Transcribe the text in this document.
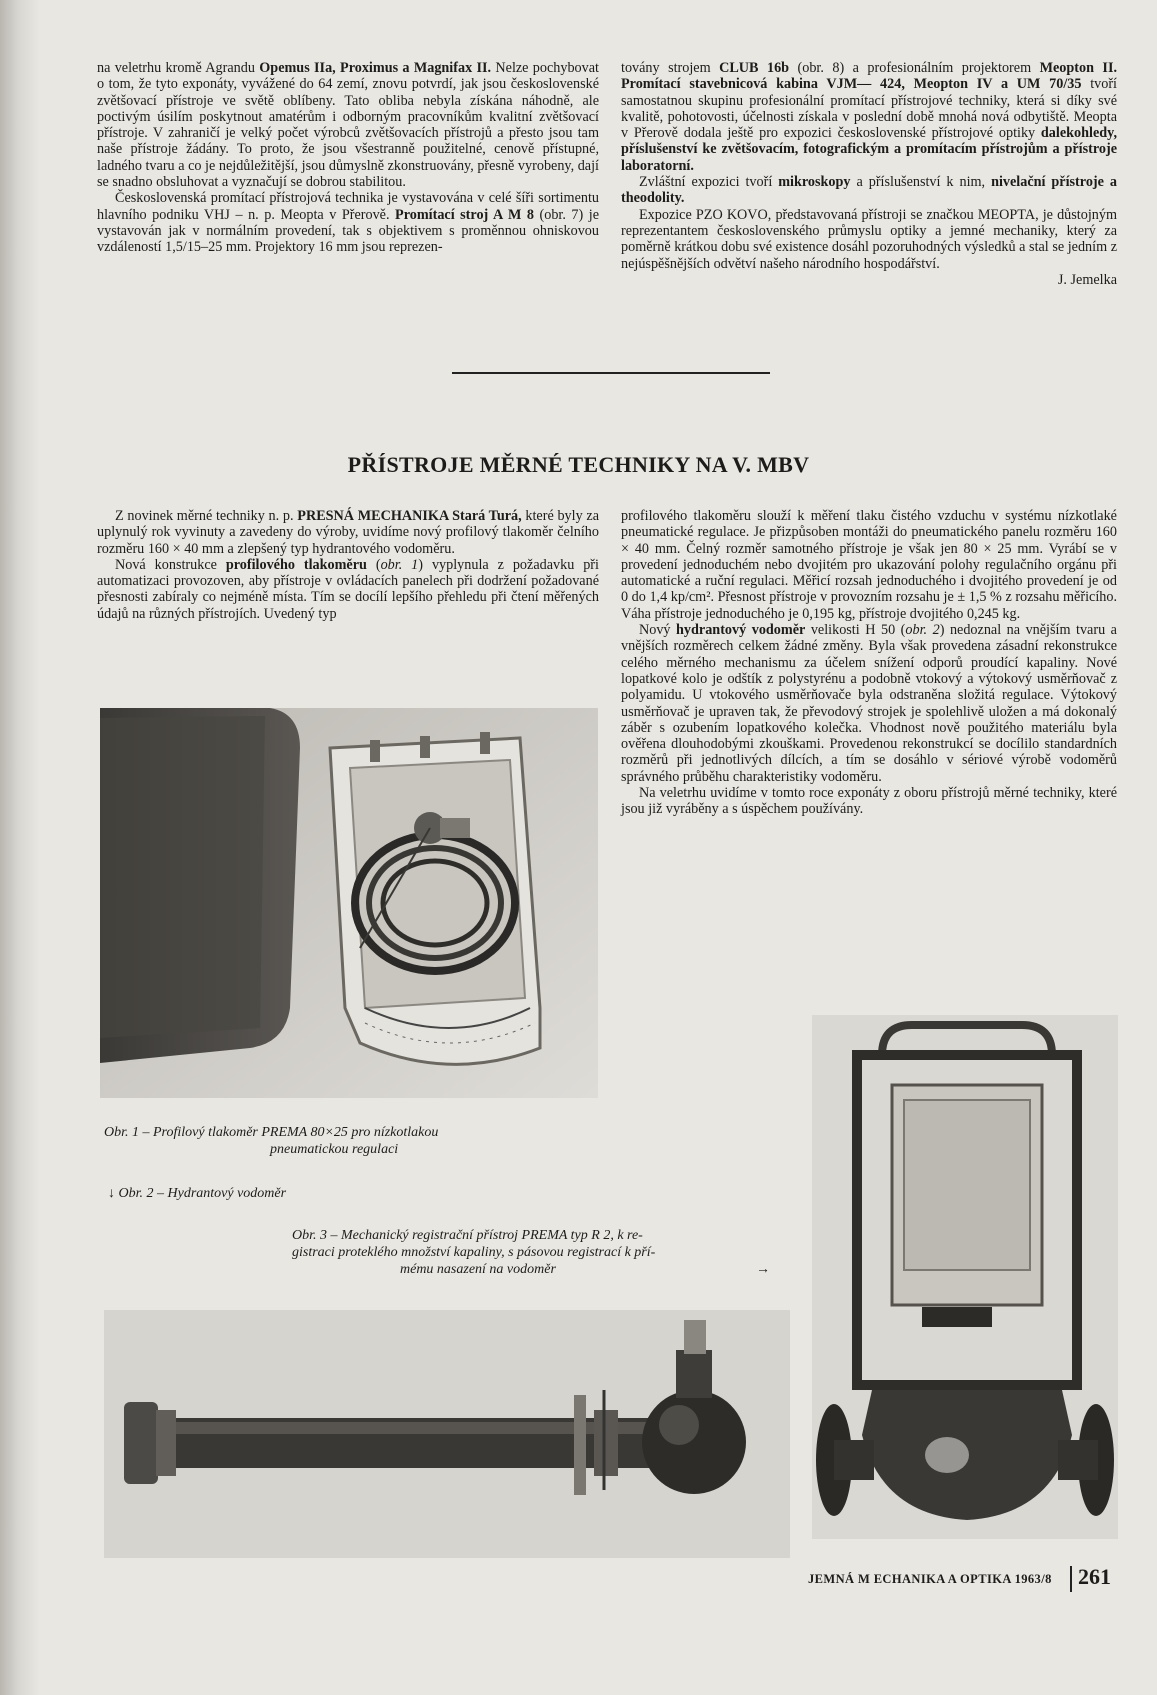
na veletrhu kromě Agrandu Opemus IIa, Proximus a Magnifax II. Nelze pochybovat o tom, že tyto exponáty, vyvážené do 64 zemí, znovu potvrdí, jak jsou československé zvětšovací přístroje ve světě oblíbeny. Tato obliba nebyla získána náhodně, ale poctivým úsilím poskytnout amatérům i odborným pracovníkům kvalitní zvětšovací přístroje. V zahraničí je velký počet výrobců zvětšovacích přístrojů a přesto jsou tam naše přístroje žádány. To proto, že jsou všestranně použitelné, cenově přístupné, ladného tvaru a co je nejdůležitější, jsou důmyslně zkonstruovány, přesně vyrobeny, dají se snadno obsluhovat a vyznačují se dobrou stabilitou.

Československá promítací přístrojová technika je vystavována v celé šíři sortimentu hlavního podniku VHJ – n. p. Meopta v Přerově. Promítací stroj A M 8 (obr. 7) je vystavován jak v normálním provedení, tak s objektivem s proměnnou ohniskovou vzdáleností 1,5/15–25 mm. Projektory 16 mm jsou reprezen-

továny strojem CLUB 16b (obr. 8) a profesionálním projektorem Meopton II. Promítací stavebnicová kabina VJM— 424, Meopton IV a UM 70/35 tvoří samostatnou skupinu profesionální promítací přístrojové techniky, která si díky své kvalitě, pohotovosti, účelnosti získala v poslední době mnohá nová odbytiště. Meopta v Přerově dodala ještě pro expozici československé přístrojové optiky dalekohledy, příslušenství ke zvětšovacím, fotografickým a promítacím přístrojům a přístroje laboratorní.

Zvláštní expozici tvoří mikroskopy a příslušenství k nim, nivelační přístroje a theodolity.

Expozice PZO KOVO, představovaná přístroji se značkou MEOPTA, je důstojným reprezentantem československého průmyslu optiky a jemné mechaniky, který za poměrně krátkou dobu své existence dosáhl pozoruhodných výsledků a stal se jedním z nejúspěšnějších odvětví našeho národního hospodářství.

J. Jemelka
PŘÍSTROJE MĚRNÉ TECHNIKY NA V. MBV

Z novinek měrné techniky n. p. PRESNÁ MECHANIKA Stará Turá, které byly za uplynulý rok vyvinuty a zavedeny do výroby, uvidíme nový profilový tlakoměr čelního rozměru 160 × 40 mm a zlepšený typ hydrantového vodoměru.

Nová konstrukce profilového tlakoměru (obr. 1) vyplynula z požadavku při automatizaci provozoven, aby přístroje v ovládacích panelech při dodržení požadované přesnosti zabíraly co nejméně místa. Tím se docílí lepšího přehledu při čtení měřených údajů na různých přístrojích. Uvedený typ

profilového tlakoměru slouží k měření tlaku čistého vzduchu v systému nízkotlaké pneumatické regulace. Je přizpůsoben montáži do pneumatického panelu rozměru 160 × 40 mm. Čelný rozměr samotného přístroje je však jen 80 × 25 mm. Vyrábí se v provedení jednoduchém nebo dvojitém pro ukazování polohy regulačního orgánu při automatické a ruční regulaci. Měřicí rozsah jednoduchého i dvojitého provedení je od 0 do 1,4 kp/cm². Přesnost přístroje v provozním rozsahu je ± 1,5 % z rozsahu měřicího. Váha přístroje jednoduchého je 0,195 kg, přístroje dvojitého 0,245 kg.

Nový hydrantový vodoměr velikosti H 50 (obr. 2) nedoznal na vnějším tvaru a vnějších rozměrech celkem žádné změny. Byla však provedena zásadní rekonstrukce celého měrného mechanismu za účelem snížení odporů proudící kapaliny. Nové lopatkové kolo je odštík z polystyrénu a podobně vtokový a výtokový usměrňovač z polyamidu. U vtokového usměrňovače byla odstraněna složitá regulace. Výtokový usměrňovač je upraven tak, že převodový strojek je spolehlivě uložen a má dokonalý záběr s ozubením lopatkového kolečka. Vhodnost nově použitého materiálu byla ověřena dlouhodobými zkouškami. Provedenou rekonstrukcí se docílilo standardních rozměrů při jednotlivých dílcích, a tím se dosáhlo v sériové výrobě vodoměrů správného průběhu charakteristiky vodoměru.

Na veletrhu uvidíme v tomto roce exponáty z oboru přístrojů měrné techniky, které jsou již vyráběny a s úspěchem používány.

Obr. 1 – Profilový tlakoměr PREMA 80×25 pro nízkotlakou
pneumatickou regulaci
↓ Obr. 2 – Hydrantový vodoměr
Obr. 3 – Mechanický registrační přístroj PREMA typ R 2, k re-
gistraci proteklého množství kapaliny, s pásovou registrací k pří-
mému nasazení na vodoměr	→
JEMNÁ M ECHANIKA A OPTIKA 1963/8 261
